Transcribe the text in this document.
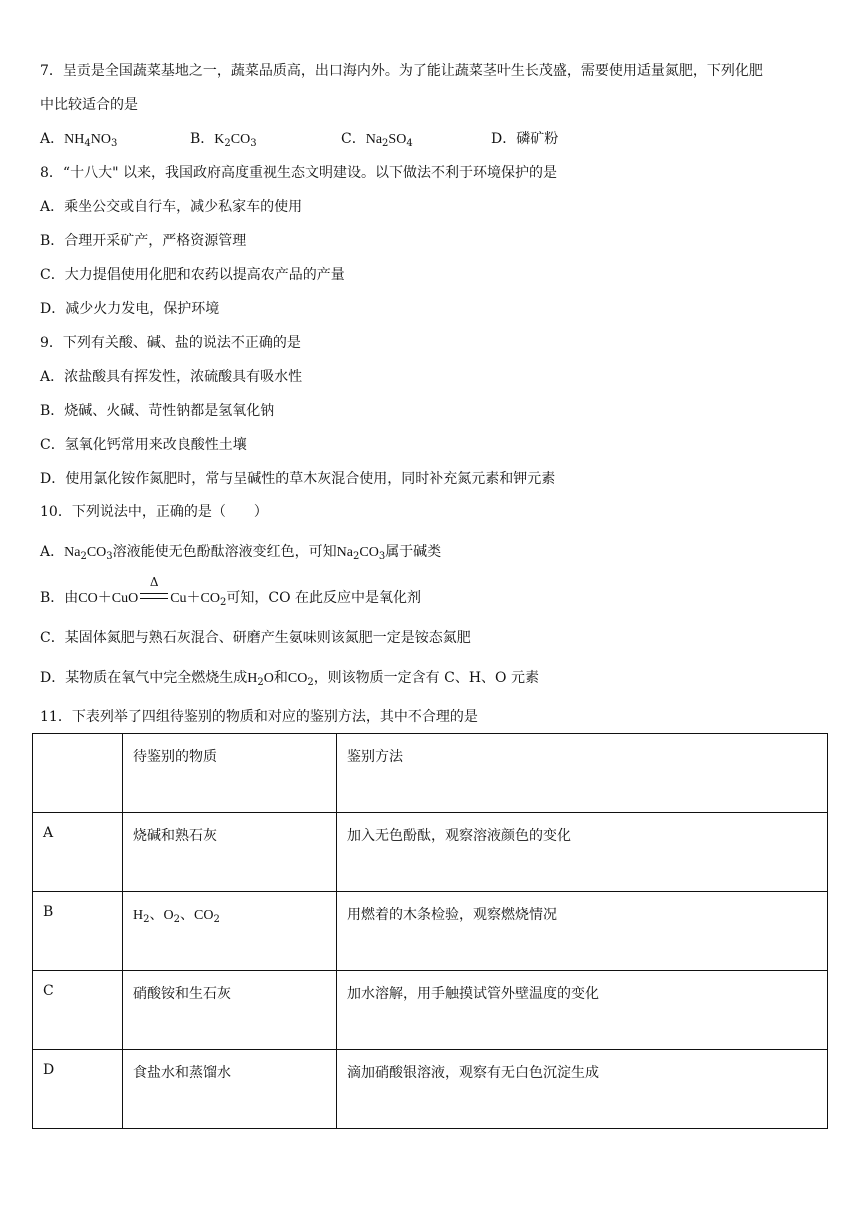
7．呈贡是全国蔬菜基地之一，蔬菜品质高，出口海内外。为了能让蔬菜茎叶生长茂盛，需要使用适量氮肥，下列化肥
中比较适合的是
A．$NH_4NO_3$	B．$K_2CO_3$	C．$Na_2SO_4$	D．磷矿粉
8．“十八大" 以来，我国政府高度重视生态文明建设。以下做法不利于环境保护的是
A．乘坐公交或自行车，减少私家车的使用
B．合理开采矿产，严格资源管理
C．大力提倡使用化肥和农药以提高农产品的产量
D．减少火力发电，保护环境
9．下列有关酸、碱、盐的说法不正确的是
A．浓盐酸具有挥发性，浓硫酸具有吸水性
B．烧碱、火碱、苛性钠都是氢氧化钠
C．氢氧化钙常用来改良酸性土壤
D．使用氯化铵作氮肥时，常与呈碱性的草木灰混合使用，同时补充氮元素和钾元素
10．下列说法中，正确的是（　　）
A．$Na_2CO_3$溶液能使无色酚酞溶液变红色，可知$Na_2CO_3$属于碱类
B．由CO＋CuO
Δ
$Cu+CO_2$可知，CO 在此反应中是氧化剂
C．某固体氮肥与熟石灰混合、研磨产生氨味则该氮肥一定是铵态氮肥
D．某物质在氧气中完全燃烧生成$H_2O$和$CO_2$，则该物质一定含有 C、H、O 元素
11．下表列举了四组待鉴别的物质和对应的鉴别方法，其中不合理的是
	待鉴别的物质	鉴别方法
A	烧碱和熟石灰	加入无色酚酞，观察溶液颜色的变化
B	$H_2$、$O_2$、$CO_2$	用燃着的木条检验，观察燃烧情况
C	硝酸铵和生石灰	加水溶解，用手触摸试管外壁温度的变化
D	食盐水和蒸馏水	滴加硝酸银溶液，观察有无白色沉淀生成
